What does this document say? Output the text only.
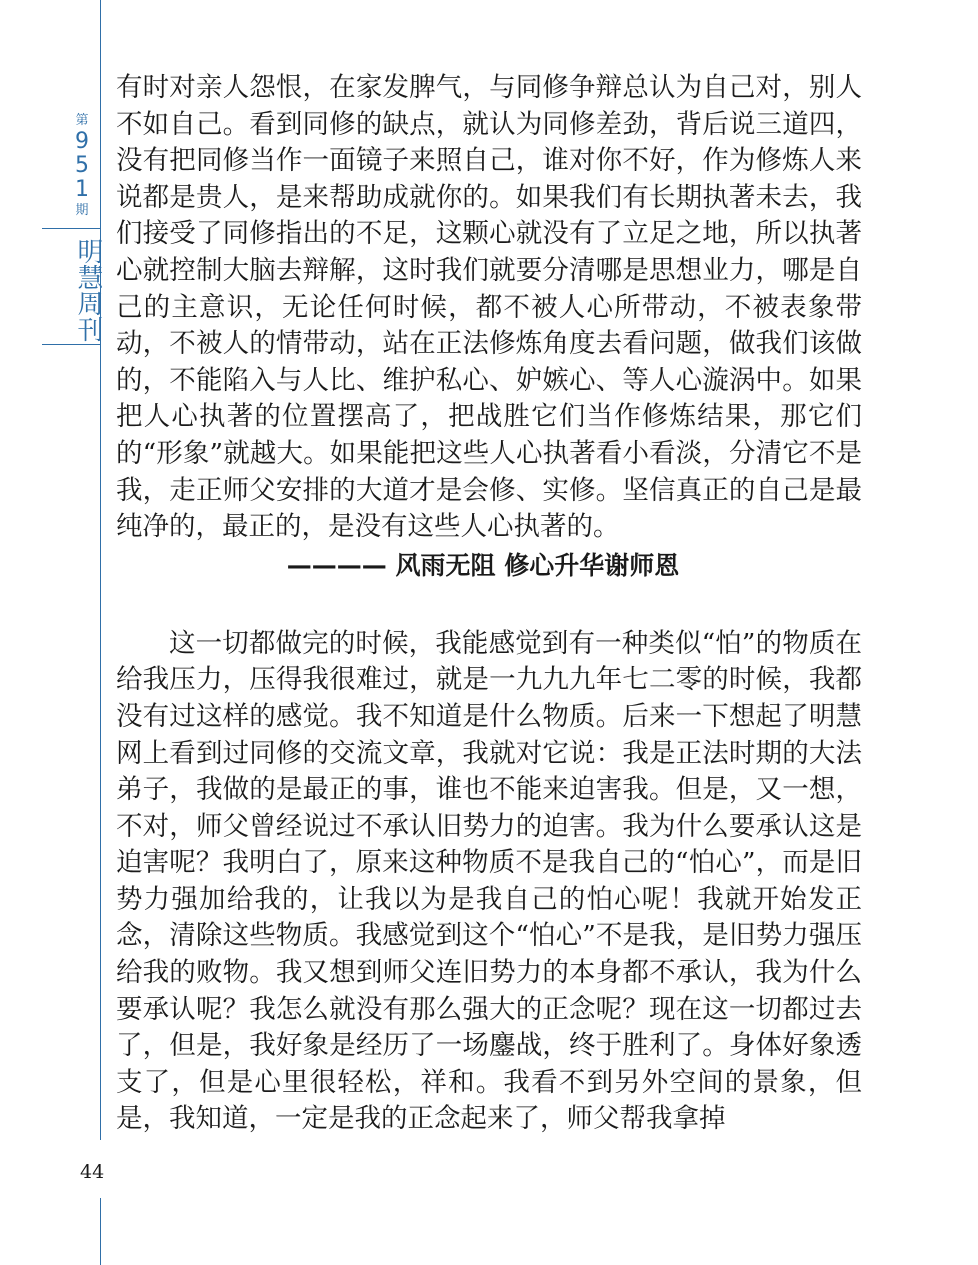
第
9
5
1
期
明慧周刊

有时对亲人怨恨，在家发脾气，与同修争辩总认为自己对，别人不如自己。看到同修的缺点，就认为同修差劲，背后说三道四，没有把同修当作一面镜子来照自己，谁对你不好，作为修炼人来说都是贵人，是来帮助成就你的。如果我们有长期执著未去，我们接受了同修指出的不足，这颗心就没有了立足之地，所以执著心就控制大脑去辩解，这时我们就要分清哪是思想业力，哪是自己的主意识，无论任何时候，都不被人心所带动，不被表象带动，不被人的情带动，站在正法修炼角度去看问题，做我们该做的，不能陷入与人比、维护私心、妒嫉心、等人心漩涡中。如果把人心执著的位置摆高了，把战胜它们当作修炼结果，那它们的“形象”就越大。如果能把这些人心执著看小看淡，分清它不是我，走正师父安排的大道才是会修、实修。坚信真正的自己是最纯净的，最正的，是没有这些人心执著的。

———— 风雨无阻 修心升华谢师恩

这一切都做完的时候，我能感觉到有一种类似“怕”的物质在给我压力，压得我很难过，就是一九九九年七二零的时候，我都没有过这样的感觉。我不知道是什么物质。后来一下想起了明慧网上看到过同修的交流文章，我就对它说：我是正法时期的大法弟子，我做的是最正的事，谁也不能来迫害我。但是，又一想，不对，师父曾经说过不承认旧势力的迫害。我为什么要承认这是迫害呢？我明白了，原来这种物质不是我自己的“怕心”，而是旧势力强加给我的，让我以为是我自己的怕心呢！我就开始发正念，清除这些物质。我感觉到这个“怕心”不是我，是旧势力强压给我的败物。我又想到师父连旧势力的本身都不承认，我为什么要承认呢？我怎么就没有那么强大的正念呢？现在这一切都过去了，但是，我好象是经历了一场鏖战，终于胜利了。身体好象透支了，但是心里很轻松，祥和。我看不到另外空间的景象，但是，我知道，一定是我的正念起来了，师父帮我拿掉

44
